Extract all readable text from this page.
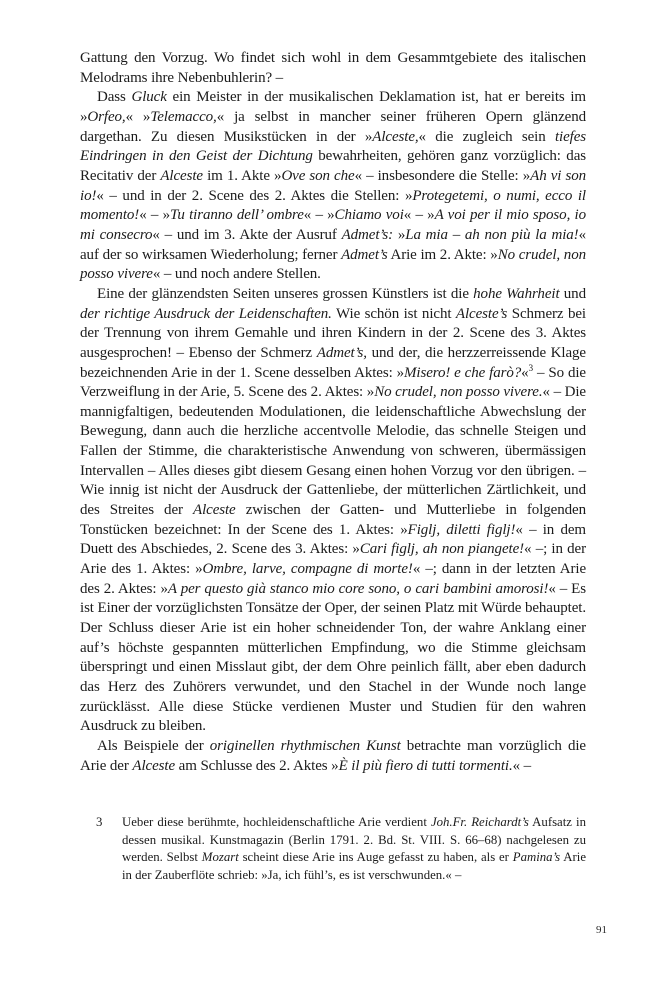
Gattung den Vorzug. Wo findet sich wohl in dem Gesammtgebiete des italischen Melodrams ihre Nebenbuhlerin? –

Dass Gluck ein Meister in der musikalischen Deklamation ist, hat er bereits im »Orfeo,« »Telemacco,« ja selbst in mancher seiner früheren Opern glänzend dargethan. Zu diesen Musikstücken in der »Alceste,« die zugleich sein tiefes Eindringen in den Geist der Dichtung bewahrheiten, gehören ganz vorzüglich: das Recitativ der Alceste im 1. Akte »Ove son che« – insbesondere die Stelle: »Ah vi son io!« – und in der 2. Scene des 2. Aktes die Stellen: »Protegetemi, o numi, ecco il momento!« – »Tu tiranno dell’ ombre« – »Chiamo voi« – »A voi per il mio sposo, io mi consecro« – und im 3. Akte der Ausruf Admet’s: »La mia – ah non più la mia!« auf der so wirksamen Wiederholung; ferner Admet’s Arie im 2. Akte: »No crudel, non posso vivere« – und noch andere Stellen.

Eine der glänzendsten Seiten unseres grossen Künstlers ist die hohe Wahrheit und der richtige Ausdruck der Leidenschaften. Wie schön ist nicht Alceste’s Schmerz bei der Trennung von ihrem Gemahle und ihren Kindern in der 2. Scene des 3. Aktes ausgesprochen! – Ebenso der Schmerz Admet’s, und der, die herzzerreissende Klage bezeichnenden Arie in der 1. Scene desselben Aktes: »Misero! e che farò?«$^3$ – So die Verzweiflung in der Arie, 5. Scene des 2. Aktes: »No crudel, non posso vivere.« – Die mannigfaltigen, bedeutenden Modulationen, die leidenschaftliche Abwechslung der Bewegung, dann auch die herzliche accentvolle Melodie, das schnelle Steigen und Fallen der Stimme, die charakteristische Anwendung von schweren, übermässigen Intervallen – Alles dieses gibt diesem Gesang einen hohen Vorzug vor den übrigen. – Wie innig ist nicht der Ausdruck der Gattenliebe, der mütterlichen Zärtlichkeit, und des Streites der Alceste zwischen der Gatten- und Mutterliebe in folgenden Tonstücken bezeichnet: In der Scene des 1. Aktes: »Figlj, diletti figlj!« – in dem Duett des Abschiedes, 2. Scene des 3. Aktes: »Cari figlj, ah non piangete!« –; in der Arie des 1. Aktes: »Ombre, larve, compagne di morte!« –; dann in der letzten Arie des 2. Aktes: »A per questo già stanco mio core sono, o cari bambini amorosi!« – Es ist Einer der vorzüglichsten Tonsätze der Oper, der seinen Platz mit Würde behauptet. Der Schluss dieser Arie ist ein hoher schneidender Ton, der wahre Anklang einer auf’s höchste gespannten mütterlichen Empfindung, wo die Stimme gleichsam überspringt und einen Misslaut gibt, der dem Ohre peinlich fällt, aber eben dadurch das Herz des Zuhörers verwundet, und den Stachel in der Wunde noch lange zurücklässt. Alle diese Stücke verdienen Muster und Studien für den wahren Ausdruck zu bleiben.

Als Beispiele der originellen rhythmischen Kunst betrachte man vorzüglich die Arie der Alceste am Schlusse des 2. Aktes »È il più fiero di tutti tormenti.« –

3	Ueber diese berühmte, hochleidenschaftliche Arie verdient Joh.Fr. Reichardt’s Aufsatz in dessen musikal. Kunstmagazin (Berlin 1791. 2. Bd. St. VIII. S. 66–68) nachgelesen zu werden. Selbst Mozart scheint diese Arie ins Auge gefasst zu haben, als er Pamina’s Arie in der Zauberflöte schrieb: »Ja, ich fühl’s, es ist verschwunden.« –
91
